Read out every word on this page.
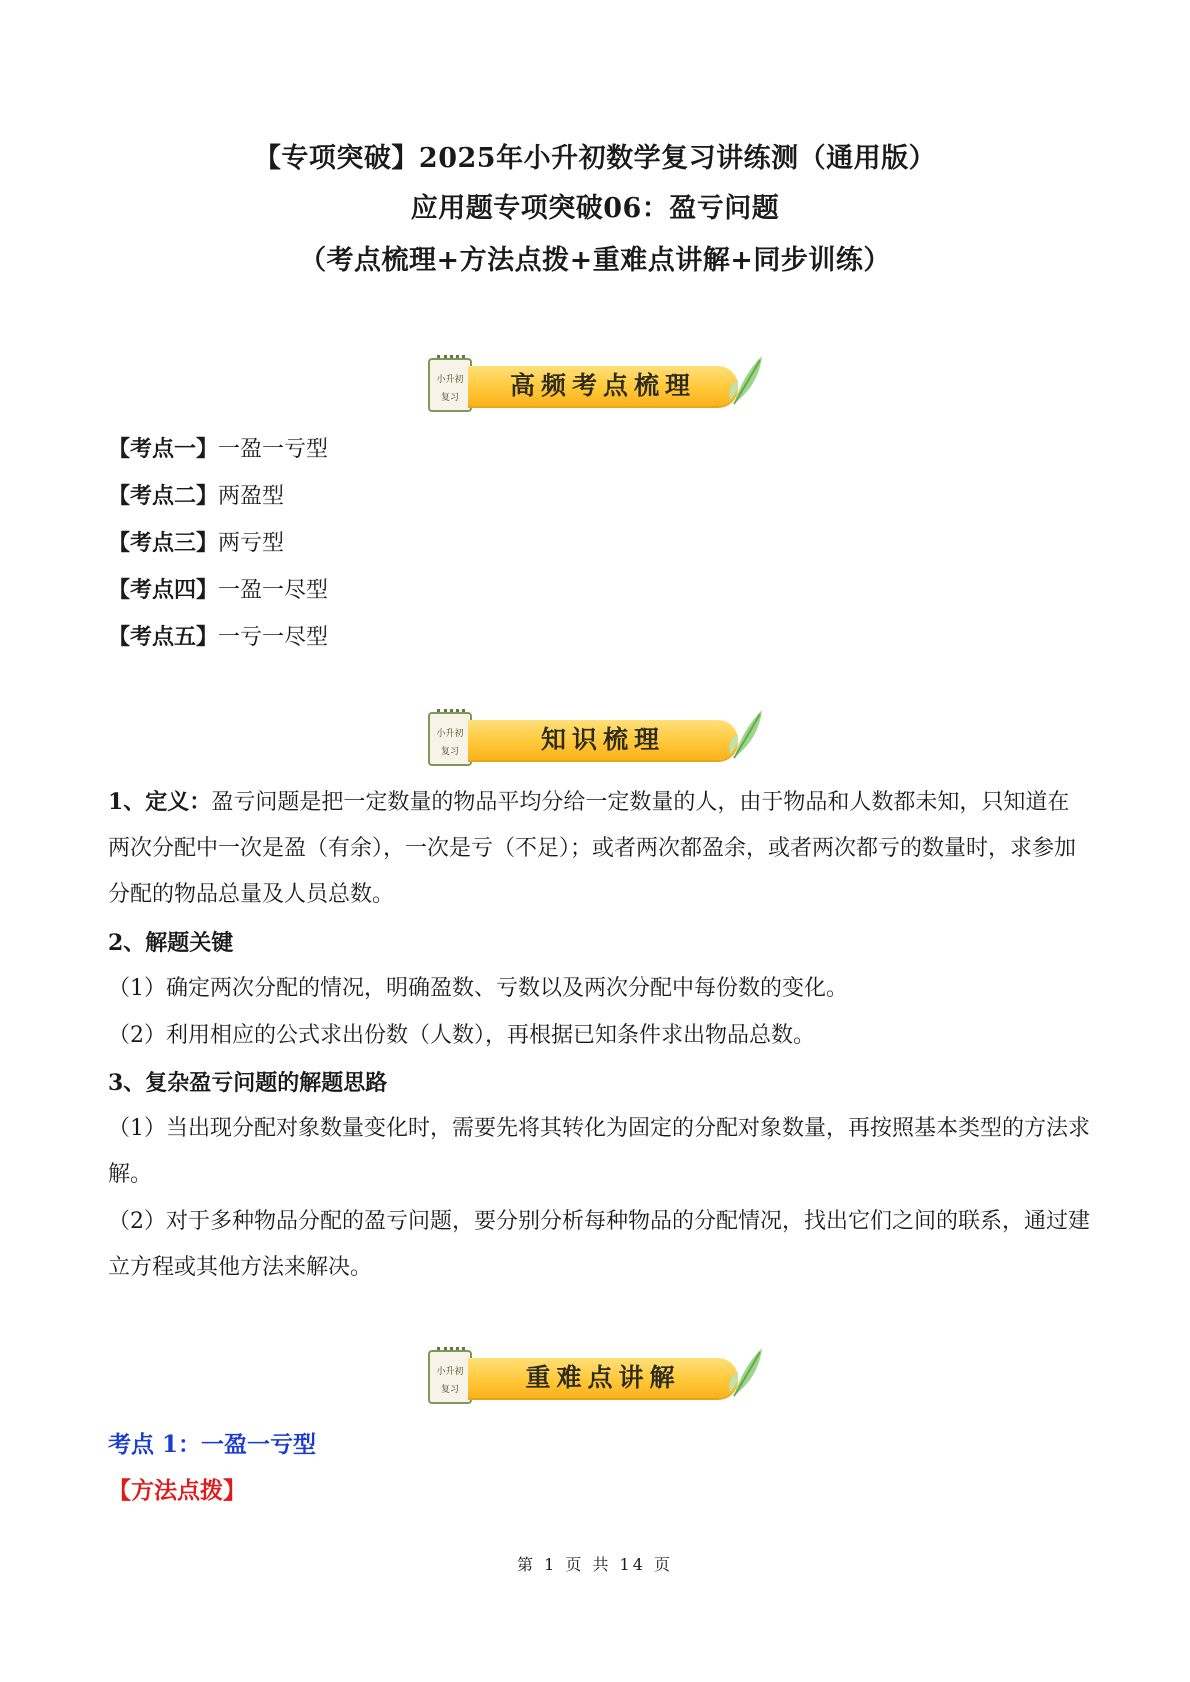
【专项突破】2025年小升初数学复习讲练测（通用版）
应用题专项突破06：盈亏问题
（考点梳理+方法点拨+重难点讲解+同步训练）
小升初
复习	高频考点梳理
【考点一】一盈一亏型
【考点二】两盈型
【考点三】两亏型
【考点四】一盈一尽型
【考点五】一亏一尽型
小升初
复习	知识梳理
1、定义：盈亏问题是把一定数量的物品平均分给一定数量的人，由于物品和人数都未知，只知道在两次分配中一次是盈（有余），一次是亏（不足）；或者两次都盈余，或者两次都亏的数量时，求参加分配的物品总量及人员总数。
2、解题关键
（1）确定两次分配的情况，明确盈数、亏数以及两次分配中每份数的变化。
（2）利用相应的公式求出份数（人数），再根据已知条件求出物品总数。
3、复杂盈亏问题的解题思路
（1）当出现分配对象数量变化时，需要先将其转化为固定的分配对象数量，再按照基本类型的方法求解。
（2）对于多种物品分配的盈亏问题，要分别分析每种物品的分配情况，找出它们之间的联系，通过建立方程或其他方法来解决。
小升初
复习	重难点讲解
考点 1：一盈一亏型
【方法点拨】
第 1 页 共 14 页
